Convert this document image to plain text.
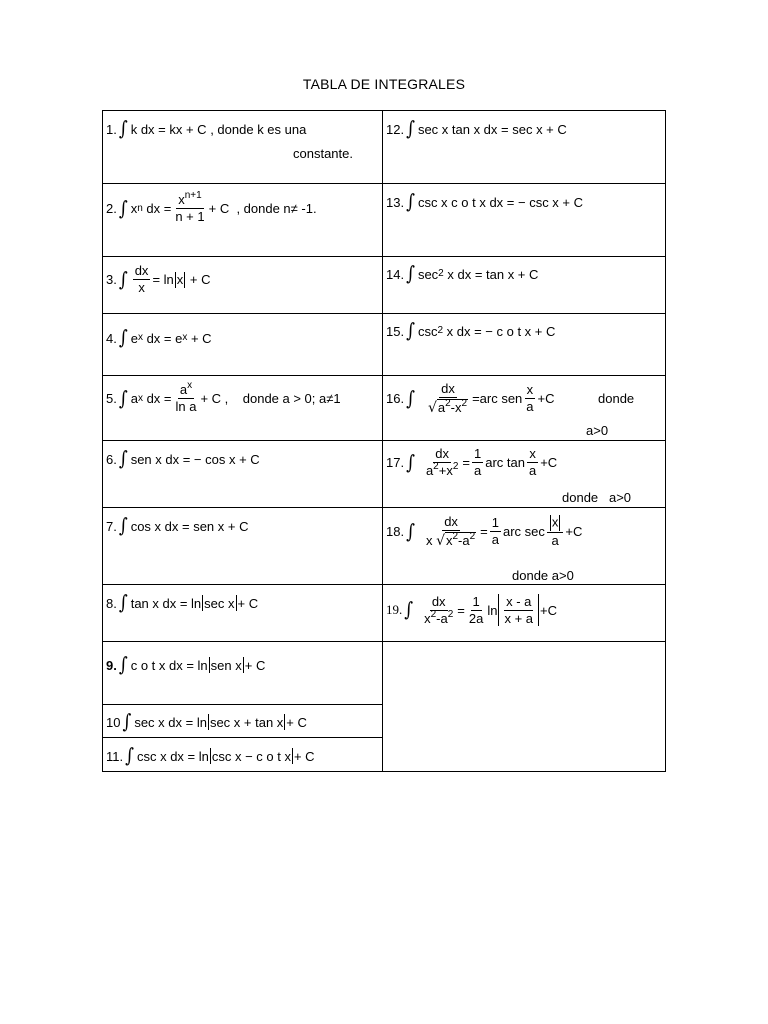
TABLA DE INTEGRALES
1. ∫ k dx = kx + C
, donde k es una
constante.
2. ∫ x n
dx = $\frac{x^{n+1}}{n + 1} + C$
, donde n≠ -1.
3. ∫ $\frac{dx}{x} = \ln x$
+ C
4. ∫ e x
dx = e x
+ C
5. ∫ a x
dx = $\frac{a^x}{\text{ln a}} + C$ ,
donde a > 0; a≠1
6. ∫ sen x dx = − cos x + C
7. ∫ cos x dx = sen x + C
8. ∫ tan x dx = ln sec x + C
9. ∫ c o t x dx = ln sen x + C
10 ∫ sec x dx = ln sec x + tan x + C
11. ∫ csc x dx = ln csc x − c o t x + C
12. ∫ sec x tan x dx = sec x + C
13. ∫ csc x c o t x dx = − csc x + C
14. ∫ sec 2
x dx = tan x + C
15. ∫ csc 2
x dx = − c o t x + C
16. ∫ $\frac{dx}{√ a^2-x^2} =arc$ sen $\frac{x}{a} +C$	donde
a>0
17. ∫ $\frac{dx}{a^2+x^2} = \frac{1}{a}$ arc $\tan \frac{x}{a} +C$
donde   a>0
18. ∫ $\frac{dx}{x √ x^2-a^2} = \frac{1}{a}$ arc $\sec \frac{x}{a} +C$
donde a>0
19. ∫ $\frac{dx}{x^2-a^2} = \frac{1}{2a}$ $\ln \frac{x - a}{x + a} +C$
